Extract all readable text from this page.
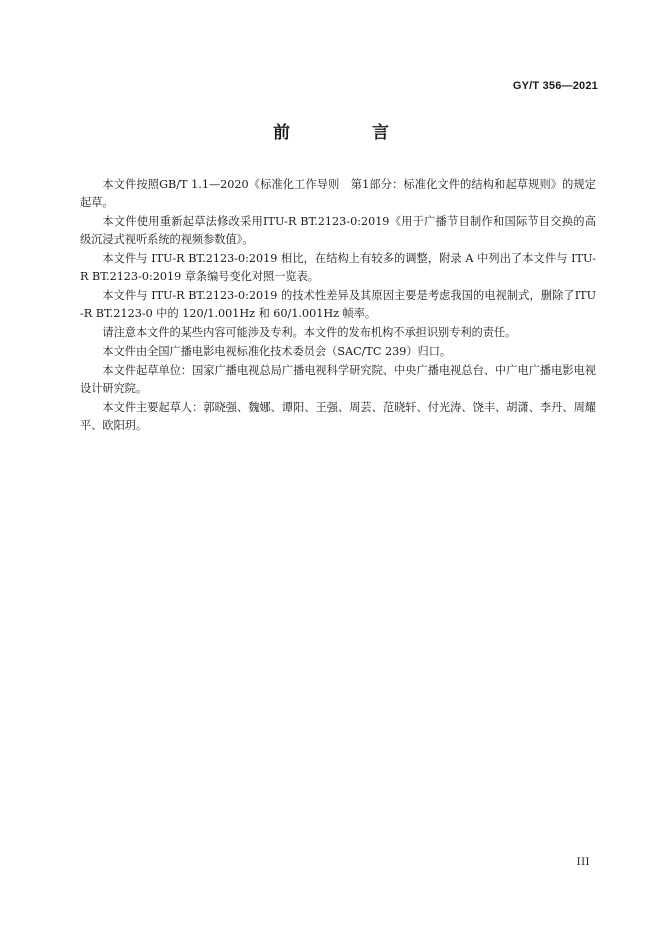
GY/T 356—2021
前 言

本文件按照GB/T 1.1—2020《标准化工作导则　第1部分：标准化文件的结构和起草规则》的规定起草。

本文件使用重新起草法修改采用ITU-R BT.2123-0:2019《用于广播节目制作和国际节目交换的高级沉浸式视听系统的视频参数值》。

本文件与 ITU-R BT.2123-0:2019 相比，在结构上有较多的调整，附录 A 中列出了本文件与 ITU-R BT.2123-0:2019 章条编号变化对照一览表。

本文件与 ITU-R BT.2123-0:2019 的技术性差异及其原因主要是考虑我国的电视制式，删除了ITU-R BT.2123-0 中的 120/1.001Hz 和 60/1.001Hz 帧率。

请注意本文件的某些内容可能涉及专利。本文件的发布机构不承担识别专利的责任。

本文件由全国广播电影电视标准化技术委员会（SAC/TC 239）归口。

本文件起草单位：国家广播电视总局广播电视科学研究院、中央广播电视总台、中广电广播电影电视设计研究院。

本文件主要起草人：郭晓强、魏娜、谭阳、王强、周芸、范晓轩、付光涛、饶丰、胡潇、李丹、周耀平、欧阳玥。

III
